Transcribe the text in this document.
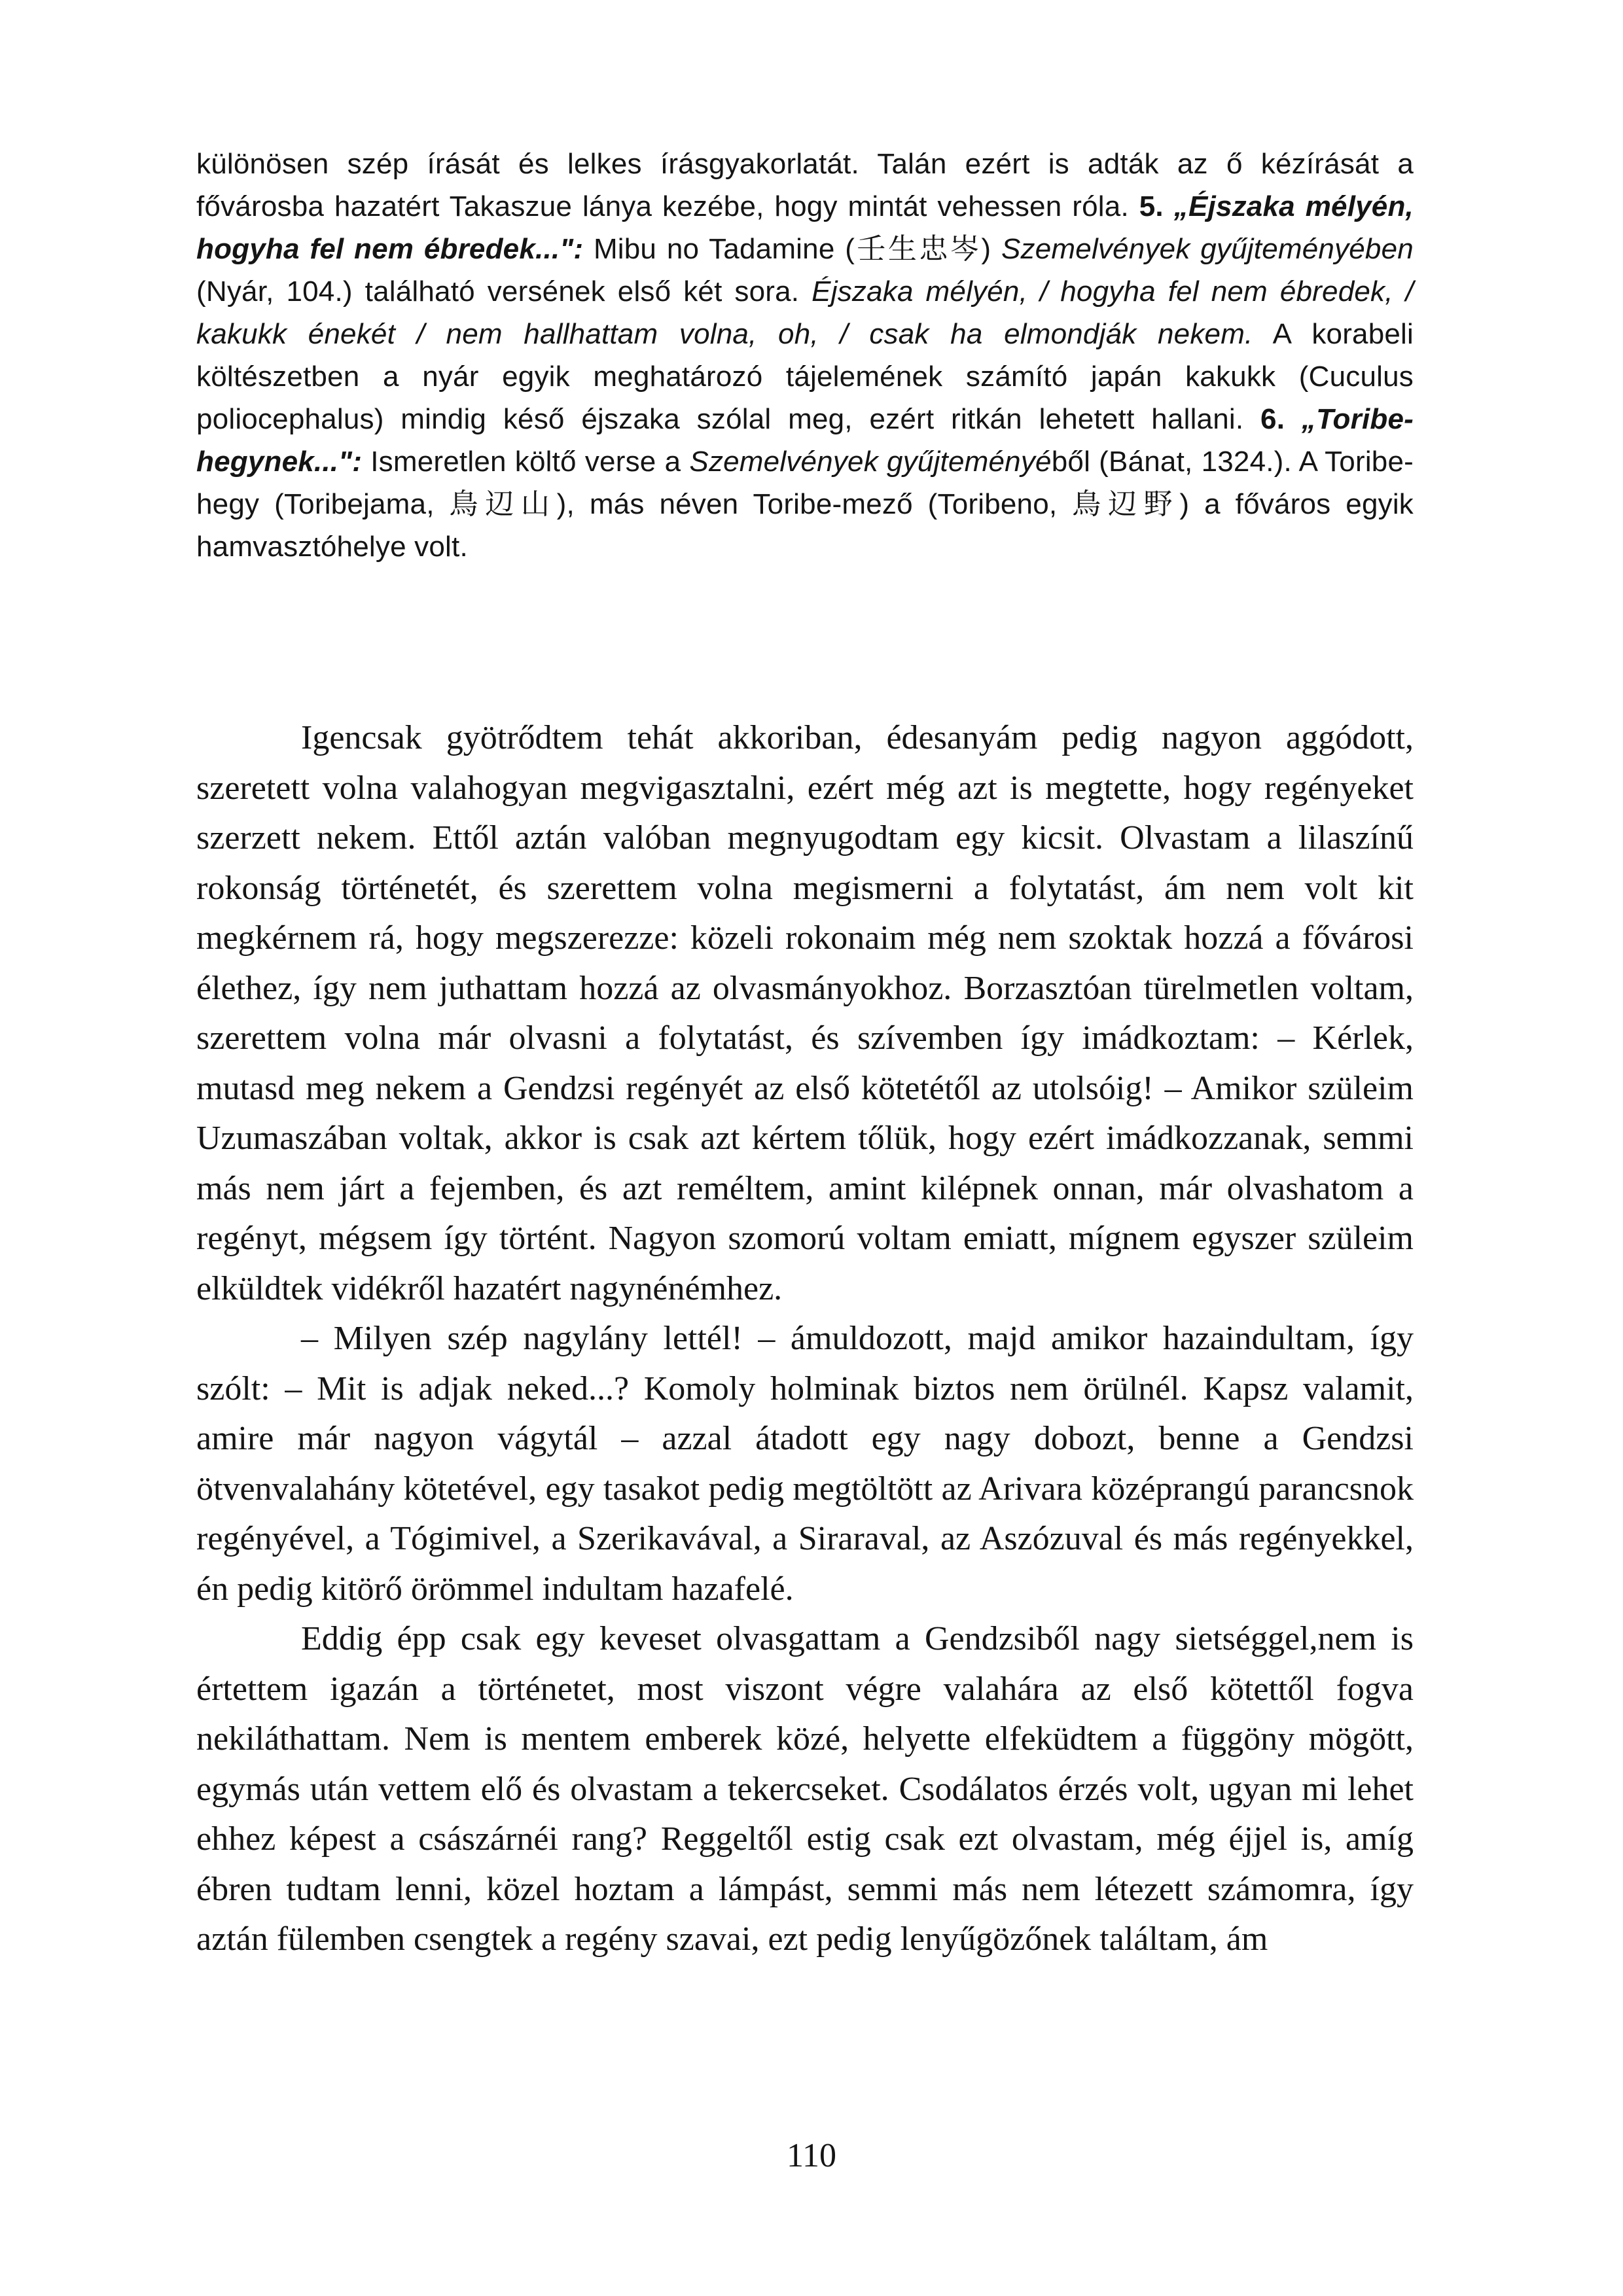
különösen szép írását és lelkes írásgyakorlatát. Talán ezért is adták az ő kézírását a fővárosba hazatért Takaszue lánya kezébe, hogy mintát vehessen róla. 5. „Éjszaka mélyén, hogyha fel nem ébredek...": Mibu no Tadamine (壬生忠岑) Szemelvények gyűjteményében (Nyár, 104.) található versének első két sora. Éjszaka mélyén, / hogyha fel nem ébredek, / kakukk énekét / nem hallhattam volna, oh, / csak ha elmondják nekem. A korabeli költészetben a nyár egyik meghatározó tájelemének számító japán kakukk (Cuculus poliocephalus) mindig késő éjszaka szólal meg, ezért ritkán lehetett hallani. 6. „Toribe-hegynek...": Ismeretlen költő verse a Szemelvények gyűjteményéből (Bánat, 1324.). A Toribe-hegy (Toribejama, 鳥辺山), más néven Toribe-mező (Toribeno, 鳥辺野) a főváros egyik hamvasztóhelye volt.

Igencsak gyötrődtem tehát akkoriban, édesanyám pedig nagyon aggódott, szeretett volna valahogyan megvigasztalni, ezért még azt is megtette, hogy regényeket szerzett nekem. Ettől aztán valóban megnyugodtam egy kicsit. Olvastam a lilaszínű rokonság történetét, és szerettem volna megismerni a folytatást, ám nem volt kit megkérnem rá, hogy megszerezze: közeli rokonaim még nem szoktak hozzá a fővárosi élethez, így nem juthattam hozzá az olvasmányokhoz. Borzasztóan türelmetlen voltam, szerettem volna már olvasni a folytatást, és szívemben így imádkoztam: – Kérlek, mutasd meg nekem a Gendzsi regényét az első kötetétől az utolsóig! – Amikor szüleim Uzumaszában voltak, akkor is csak azt kértem tőlük, hogy ezért imádkozzanak, semmi más nem járt a fejemben, és azt reméltem, amint kilépnek onnan, már olvashatom a regényt, mégsem így történt. Nagyon szomorú voltam emiatt, mígnem egyszer szüleim elküldtek vidékről hazatért nagynénémhez.

– Milyen szép nagylány lettél! – ámuldozott, majd amikor hazaindultam, így szólt: – Mit is adjak neked...? Komoly holminak biztos nem örülnél. Kapsz valamit, amire már nagyon vágytál – azzal átadott egy nagy dobozt, benne a Gendzsi ötvenvalahány kötetével, egy tasakot pedig megtöltött az Arivara középrangú parancsnok regényével, a Tógimivel, a Szerikavával, a Siraraval, az Aszózuval és más regényekkel, én pedig kitörő örömmel indultam hazafelé.

Eddig épp csak egy keveset olvasgattam a Gendzsiből nagy sietséggel,nem is értettem igazán a történetet, most viszont végre valahára az első kötettől fogva nekiláthattam. Nem is mentem emberek közé, helyette elfeküdtem a függöny mögött, egymás után vettem elő és olvastam a tekercseket. Csodálatos érzés volt, ugyan mi lehet ehhez képest a császárnéi rang? Reggeltől estig csak ezt olvastam, még éjjel is, amíg ébren tudtam lenni, közel hoztam a lámpást, semmi más nem létezett számomra, így aztán fülemben csengtek a regény szavai, ezt pedig lenyűgözőnek találtam, ám

110
